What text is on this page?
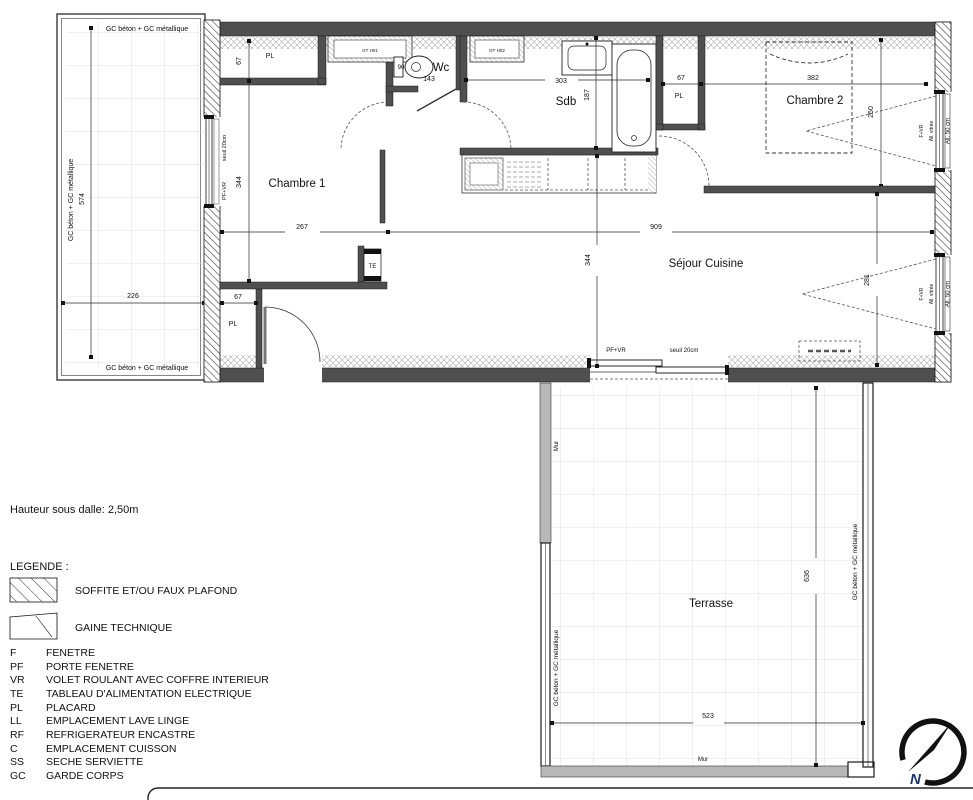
574
226
GC béton + GC métallique
GC béton + GC métallique
GC béton + GC métallique
636
523
Terrasse
Mur
Mur
GC béton + GC métallique
GC béton + GC métallique
seuil 20cm
PF+VR
F+VR All. vitrée All. 50 cm
F+VR All. vitrée All. 50 cm
PF+VR	seuil 20cm
GT H01
TE
67
344
PL
67
PL
Chambre 1
Wc
90
143
GT H02
303
187
Sdb
67
PL
382
250
Chambre 2
267	909
344
281
Séjour Cuisine
Hauteur sous dalle: 2,50m
LEGENDE :
SOFFITE ET/OU FAUX PLAFOND
GAINE TECHNIQUE
F	FENETRE
PF PORTE FENETRE
VR VOLET ROULANT AVEC COFFRE INTERIEUR
TE TABLEAU D'ALIMENTATION ELECTRIQUE
PL PLACARD
LL EMPLACEMENT LAVE LINGE
RF REFRIGERATEUR ENCASTRE
C	EMPLACEMENT CUISSON
SS SECHE SERVIETTE
GC GARDE CORPS	N
